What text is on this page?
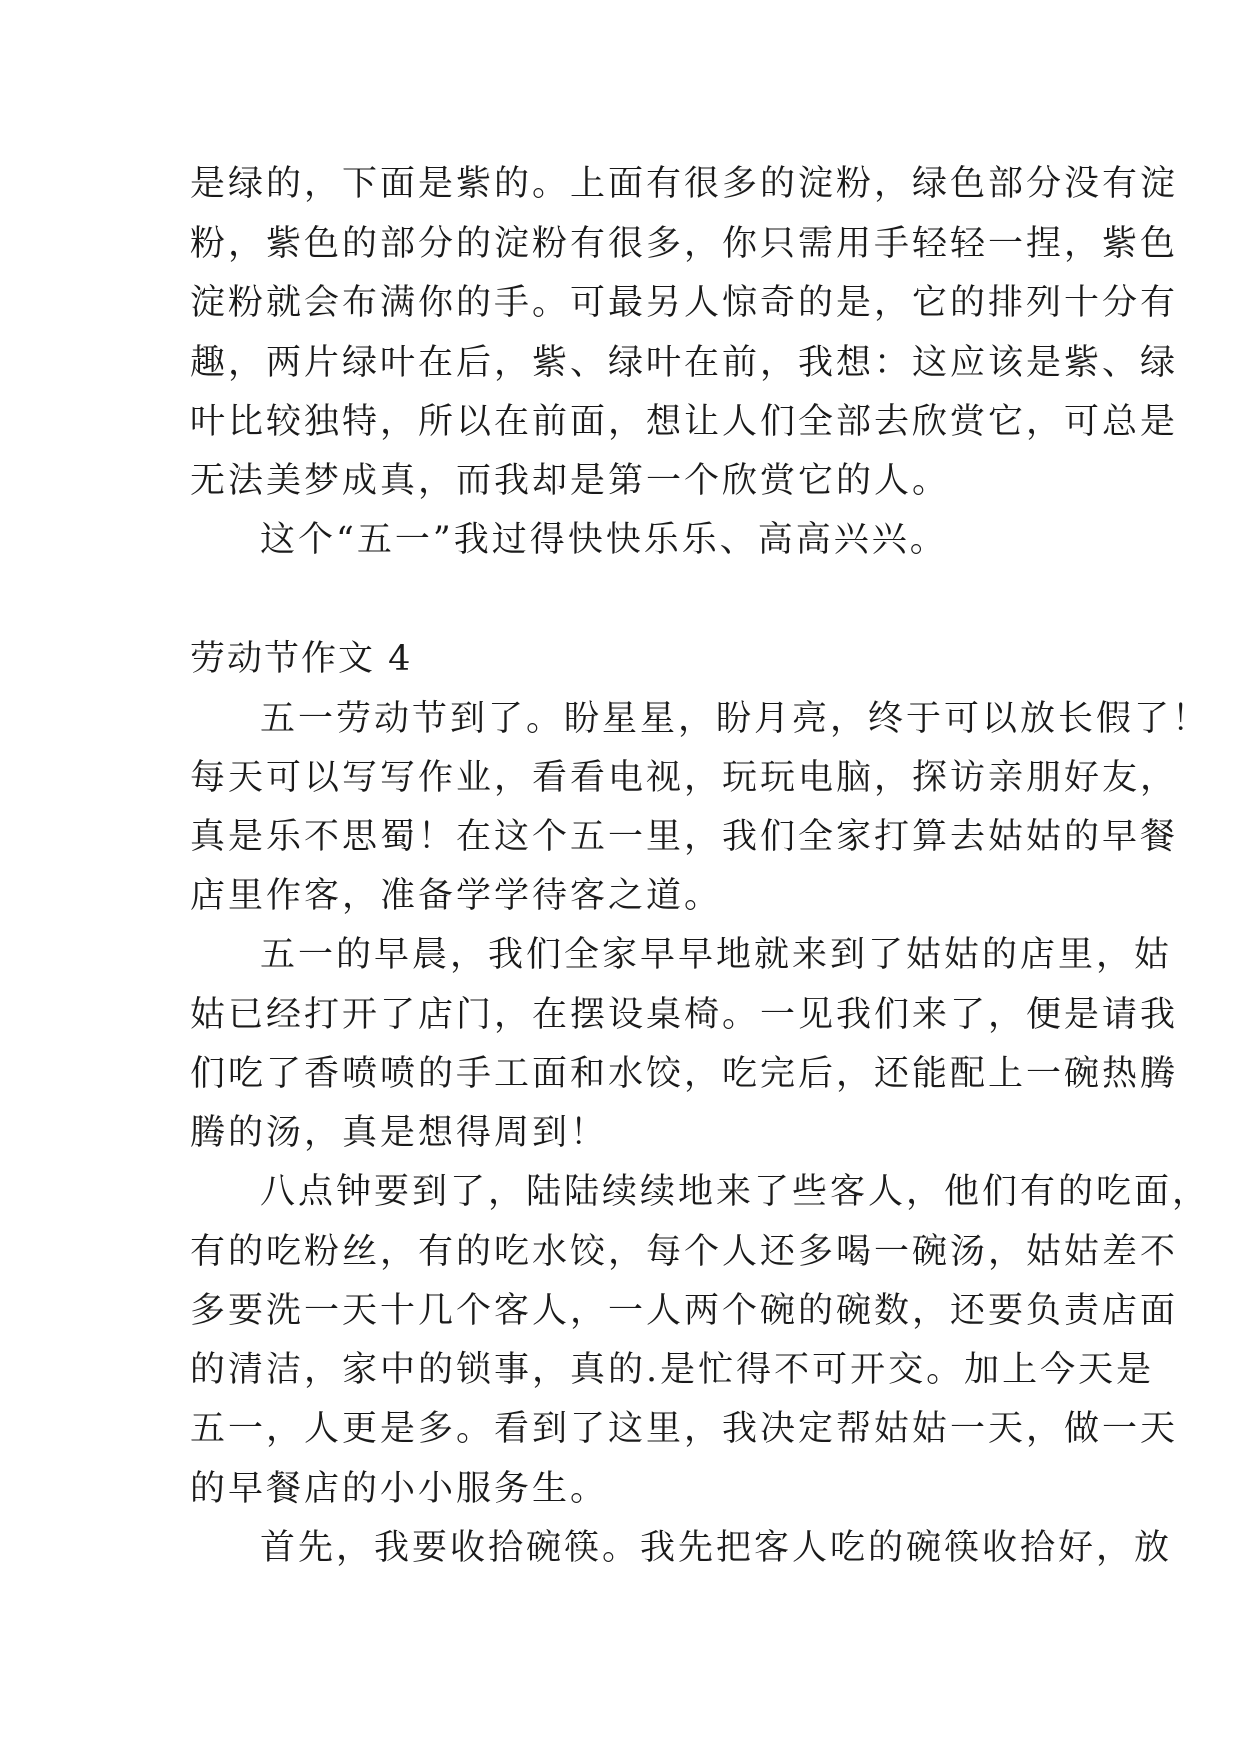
是绿的，下面是紫的。上面有很多的淀粉，绿色部分没有淀
粉，紫色的部分的淀粉有很多，你只需用手轻轻一捏，紫色
淀粉就会布满你的手。可最另人惊奇的是，它的排列十分有
趣，两片绿叶在后，紫、绿叶在前，我想：这应该是紫、绿
叶比较独特，所以在前面，想让人们全部去欣赏它，可总是
无法美梦成真，而我却是第一个欣赏它的人。
这个“五一”我过得快快乐乐、高高兴兴。
劳动节作文 4
五一劳动节到了。盼星星，盼月亮，终于可以放长假了！
每天可以写写作业，看看电视，玩玩电脑，探访亲朋好友，
真是乐不思蜀！在这个五一里，我们全家打算去姑姑的早餐
店里作客，准备学学待客之道。
五一的早晨，我们全家早早地就来到了姑姑的店里，姑
姑已经打开了店门，在摆设桌椅。一见我们来了，便是请我
们吃了香喷喷的手工面和水饺，吃完后，还能配上一碗热腾
腾的汤，真是想得周到！
八点钟要到了，陆陆续续地来了些客人，他们有的吃面，
有的吃粉丝，有的吃水饺，每个人还多喝一碗汤，姑姑差不
多要洗一天十几个客人，一人两个碗的碗数，还要负责店面
的清洁，家中的锁事，真的.是忙得不可开交。加上今天是
五一，人更是多。看到了这里，我决定帮姑姑一天，做一天
的早餐店的小小服务生。
首先，我要收拾碗筷。我先把客人吃的碗筷收拾好，放
